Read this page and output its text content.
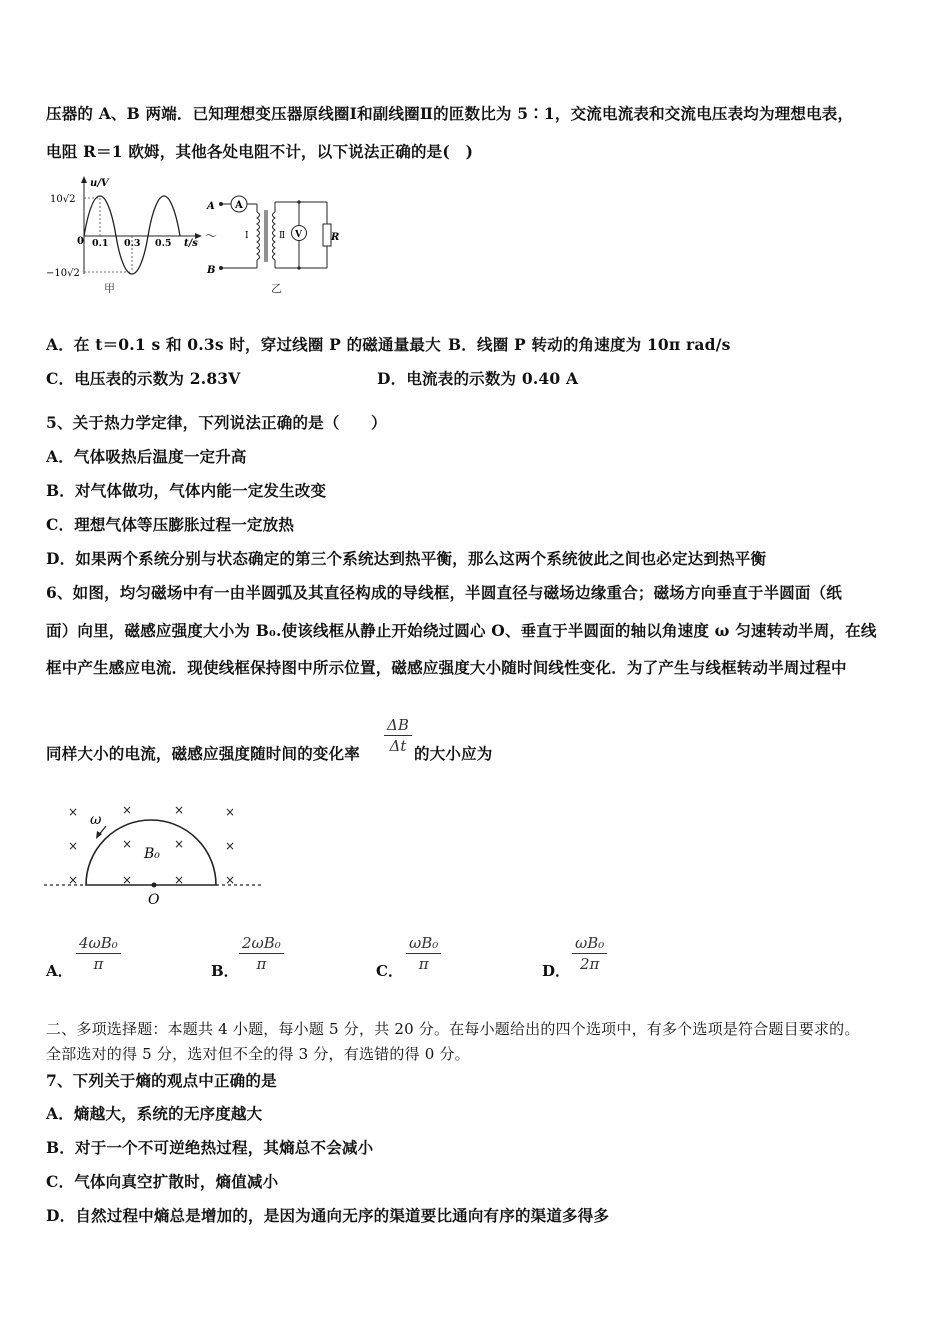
压器的 A、B 两端．已知理想变压器原线圈Ⅰ和副线圈Ⅱ的匝数比为 5∶1，交流电流表和交流电压表均为理想电表，
电阻 R＝1 欧姆，其他各处电阻不计，以下说法正确的是(　)
u/V
10√2
−10√2
0 0.1 0.3 0.5 t/s
甲
A A
B
～	Ⅰ	Ⅱ V	R
乙
A．在 t＝0.1 s 和 0.3s 时，穿过线圈 P 的磁通量最大 B．线圈 P 转动的角速度为 10π rad/s
C．电压表的示数为 2.83V	D．电流表的示数为 0.40 A
5、关于热力学定律，下列说法正确的是（　　）
A．气体吸热后温度一定升高
B．对气体做功，气体内能一定发生改变
C．理想气体等压膨胀过程一定放热
D．如果两个系统分别与状态确定的第三个系统达到热平衡，那么这两个系统彼此之间也必定达到热平衡
6、如图，均匀磁场中有一由半圆弧及其直径构成的导线框，半圆直径与磁场边缘重合；磁场方向垂直于半圆面（纸
面）向里，磁感应强度大小为 B₀.使该线框从静止开始绕过圆心 O、垂直于半圆面的轴以角速度 ω 匀速转动半周，在线
框中产生感应电流．现使线框保持图中所示位置，磁感应强度大小随时间线性变化．为了产生与线框转动半周过程中
同样大小的电流，磁感应强度随时间的变化率 $\frac{\Delta B}{\Delta t}$ 的大小应为
×	×	×	×
×	×	×	×
×	×	×	×
ω
B₀
O
A． $\frac{\text{4ωB₀}}{\pi}$	B． $\frac{\text{2ωB₀}}{\pi}$	C． $\frac{\text{ωB₀}}{\pi}$	D． $\frac{\text{ωB₀}}{2\pi}$
二、多项选择题：本题共 4 小题，每小题 5 分，共 20 分。在每小题给出的四个选项中，有多个选项是符合题目要求的。
全部选对的得 5 分，选对但不全的得 3 分，有选错的得 0 分。
7、下列关于熵的观点中正确的是
A．熵越大，系统的无序度越大
B．对于一个不可逆绝热过程，其熵总不会减小
C．气体向真空扩散时，熵值减小
D．自然过程中熵总是增加的，是因为通向无序的渠道要比通向有序的渠道多得多
